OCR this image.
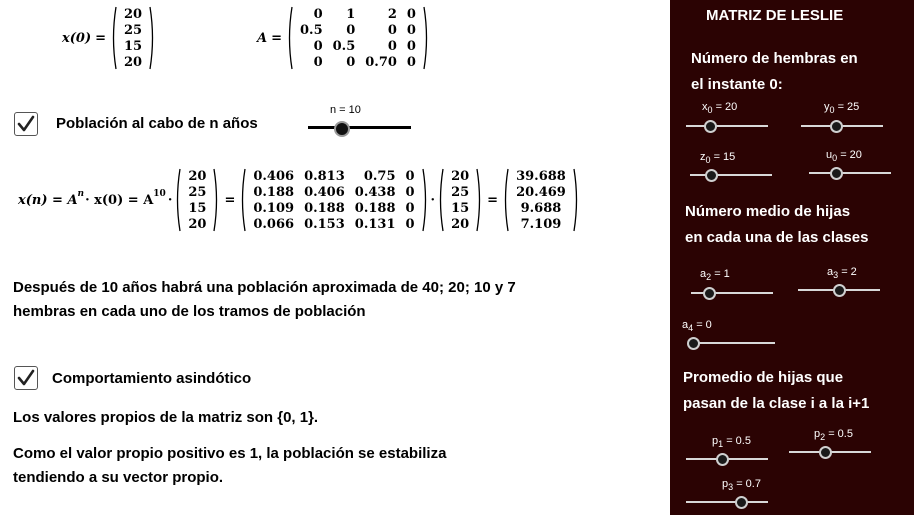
x(0) =
20
25
15
20
A =
0	1	2	0
0.5	0	0	0
0	0.5	0	0
0	0	0.70	0
Población al cabo de n años
n = 10
$x(n) = A^n \cdot x(0) = A^{10}$ ·
20
25
15
20
=
0.406	0.813	0.75	0
0.188	0.406	0.438	0
0.109	0.188	0.188	0
0.066	0.153	0.131	0
·
20
25
15
20
=
39.688
20.469
9.688
7.109
Después de 10 años habrá una población aproximada de 40; 20; 10 y 7
hembras en cada uno de los tramos de población
Comportamiento asindótico
Los valores propios de la matriz son {0, 1}.
Como el valor propio positivo es 1, la población se estabiliza
tendiendo a su vector propio.
MATRIZ DE LESLIE
Número de hembras en
el instante 0:
$x_0 = 20$	$y_0 = 25$
$z_0 = 15$	$u_0 = 20$
Número medio de hijas
en cada una de las clases
$a_2 = 1$	$a_3 = 2$
$a_4 = 0$
Promedio de hijas que
pasan de la clase i a la i+1
$p_1 = 0.5$
$p_2 = 0.5$
$p_3 = 0.7$
